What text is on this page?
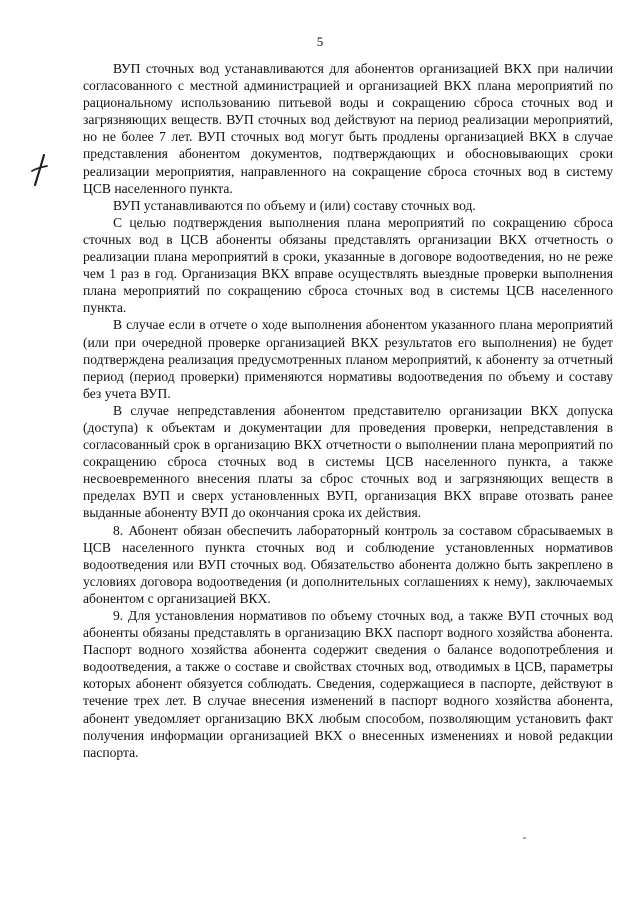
5

ВУП сточных вод устанавливаются для абонентов организацией ВКХ при наличии согласованного с местной администрацией и организацией ВКХ плана мероприятий по рациональному использованию питьевой воды и сокращению сброса сточных вод и загрязняющих веществ. ВУП сточных вод действуют на период реализации мероприятий, но не более 7 лет. ВУП сточных вод могут быть продлены организацией ВКХ в случае представления абонентом документов, подтверждающих и обосновывающих сроки реализации мероприятия, направленного на сокращение сброса сточных вод в систему ЦСВ населенного пункта.

ВУП устанавливаются по объему и (или) составу сточных вод.

С целью подтверждения выполнения плана мероприятий по сокращению сброса сточных вод в ЦСВ абоненты обязаны представлять организации ВКХ отчетность о реализации плана мероприятий в сроки, указанные в договоре водоотведения, но не реже чем 1 раз в год. Организация ВКХ вправе осуществлять выездные проверки выполнения плана мероприятий по сокращению сброса сточных вод в системы ЦСВ населенного пункта.

В случае если в отчете о ходе выполнения абонентом указанного плана мероприятий (или при очередной проверке организацией ВКХ результатов его выполнения) не будет подтверждена реализация предусмотренных планом мероприятий, к абоненту за отчетный период (период проверки) применяются нормативы водоотведения по объему и составу без учета ВУП.

В случае непредставления абонентом представителю организации ВКХ допуска (доступа) к объектам и документации для проведения проверки, непредставления в согласованный срок в организацию ВКХ отчетности о выполнении плана мероприятий по сокращению сброса сточных вод в системы ЦСВ населенного пункта, а также несвоевременного внесения платы за сброс сточных вод и загрязняющих веществ в пределах ВУП и сверх установленных ВУП, организация ВКХ вправе отозвать ранее выданные абоненту ВУП до окончания срока их действия.

8. Абонент обязан обеспечить лабораторный контроль за составом сбрасываемых в ЦСВ населенного пункта сточных вод и соблюдение установленных нормативов водоотведения или ВУП сточных вод. Обязательство абонента должно быть закреплено в условиях договора водоотведения (и дополнительных соглашениях к нему), заключаемых абонентом с организацией ВКХ.

9. Для установления нормативов по объему сточных вод, а также ВУП сточных вод абоненты обязаны представлять в организацию ВКХ паспорт водного хозяйства абонента. Паспорт водного хозяйства абонента содержит сведения о балансе водопотребления и водоотведения, а также о составе и свойствах сточных вод, отводимых в ЦСВ, параметры которых абонент обязуется соблюдать. Сведения, содержащиеся в паспорте, действуют в течение трех лет. В случае внесения изменений в паспорт водного хозяйства абонента, абонент уведомляет организацию ВКХ любым способом, позволяющим установить факт получения информации организацией ВКХ о внесенных изменениях и новой редакции паспорта.
